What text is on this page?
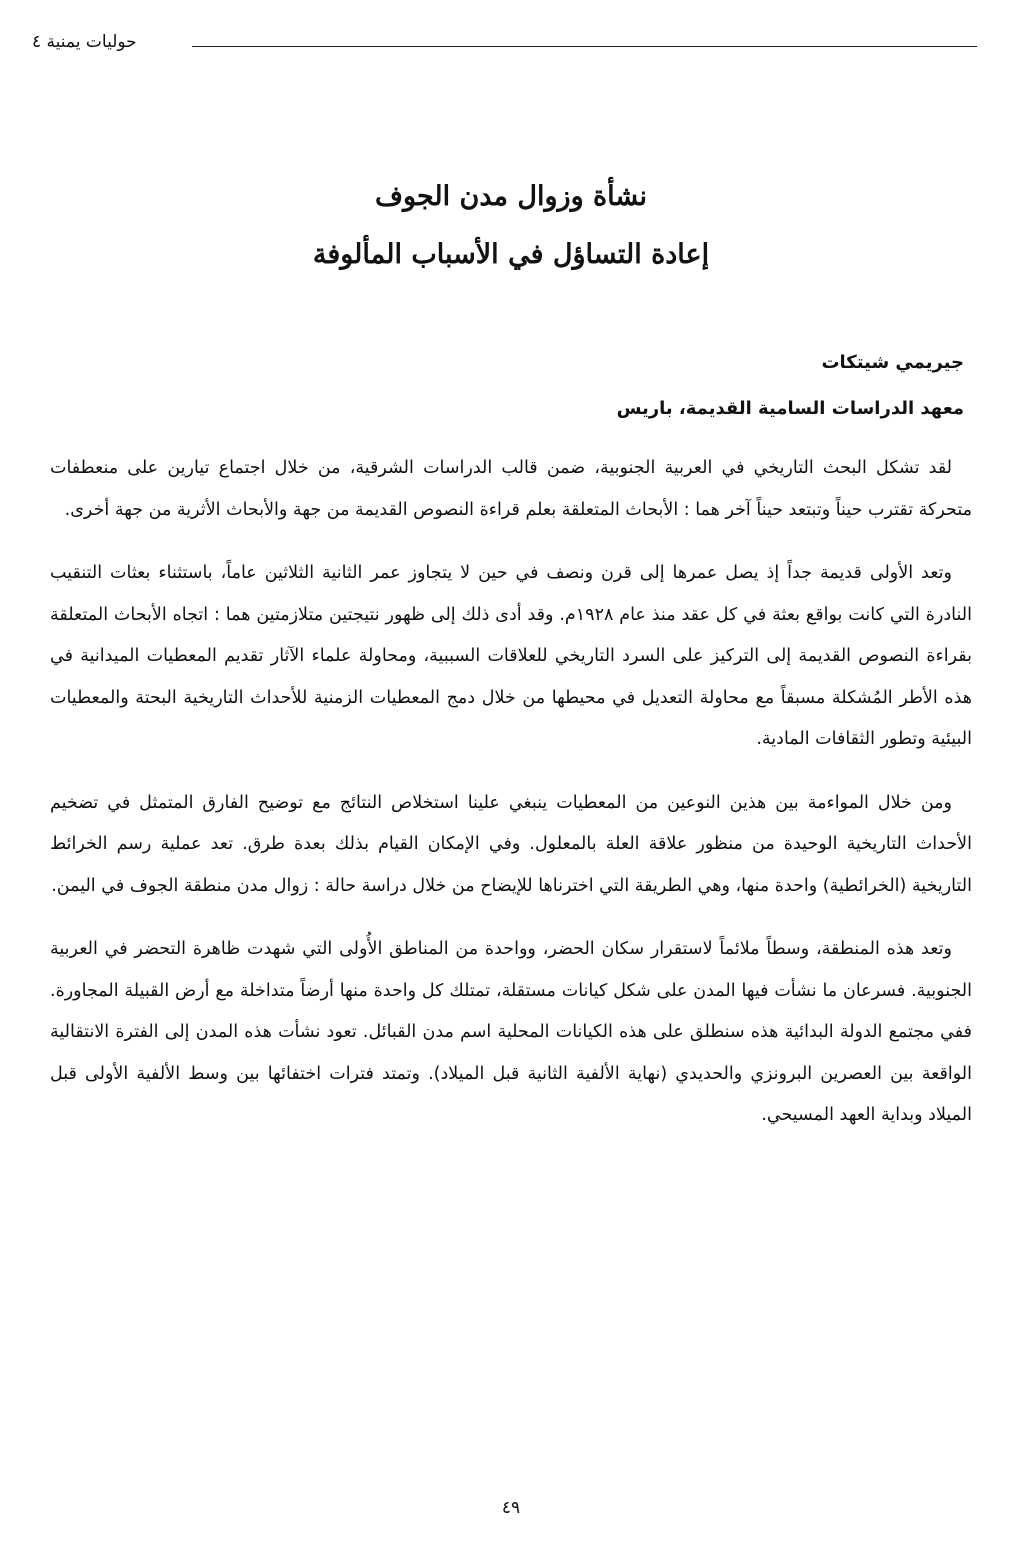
حوليات يمنية ٤
نشأة وزوال مدن الجوف
إعادة التساؤل في الأسباب المألوفة
جيريمي شيتكات
معهد الدراسات السامية القديمة، باريس

لقد تشكل البحث التاريخي في العربية الجنوبية، ضمن قالب الدراسات الشرقية، من خلال اجتماع تيارين على منعطفات متحركة تقترب حيناً وتبتعد حيناً آخر هما : الأبحاث المتعلقة بعلم قراءة النصوص القديمة من جهة والأبحاث الأثرية من جهة أخرى.

وتعد الأولى قديمة جداً إذ يصل عمرها إلى قرن ونصف في حين لا يتجاوز عمر الثانية الثلاثين عاماً، باستثناء بعثات التنقيب النادرة التي كانت بواقع بعثة في كل عقد منذ عام ١٩٢٨م. وقد أدى ذلك إلى ظهور نتيجتين متلازمتين هما : اتجاه الأبحاث المتعلقة بقراءة النصوص القديمة إلى التركيز على السرد التاريخي للعلاقات السببية، ومحاولة علماء الآثار تقديم المعطيات الميدانية في هذه الأطر المُشكلة مسبقاً مع محاولة التعديل في محيطها من خلال دمج المعطيات الزمنية للأحداث التاريخية البحتة والمعطيات البيئية وتطور الثقافات المادية.

ومن خلال المواءمة بين هذين النوعين من المعطيات ينبغي علينا استخلاص النتائج مع توضيح الفارق المتمثل في تضخيم الأحداث التاريخية الوحيدة من منظور علاقة العلة بالمعلول. وفي الإمكان القيام بذلك بعدة طرق. تعد عملية رسم الخرائط التاريخية (الخرائطية) واحدة منها، وهي الطريقة التي اخترناها للإيضاح من خلال دراسة حالة : زوال مدن منطقة الجوف في اليمن.

وتعد هذه المنطقة، وسطاً ملائماً لاستقرار سكان الحضر، وواحدة من المناطق الأُولى التي شهدت ظاهرة التحضر في العربية الجنوبية. فسرعان ما نشأت فيها المدن على شكل كيانات مستقلة، تمتلك كل واحدة منها أرضاً متداخلة مع أرض القبيلة المجاورة. ففي مجتمع الدولة البدائية هذه سنطلق على هذه الكيانات المحلية اسم مدن القبائل. تعود نشأت هذه المدن إلى الفترة الانتقالية الواقعة بين العصرين البرونزي والحديدي (نهاية الألفية الثانية قبل الميلاد). وتمتد فترات اختفائها بين وسط الألفية الأولى قبل الميلاد وبداية العهد المسيحي.

٤٩
